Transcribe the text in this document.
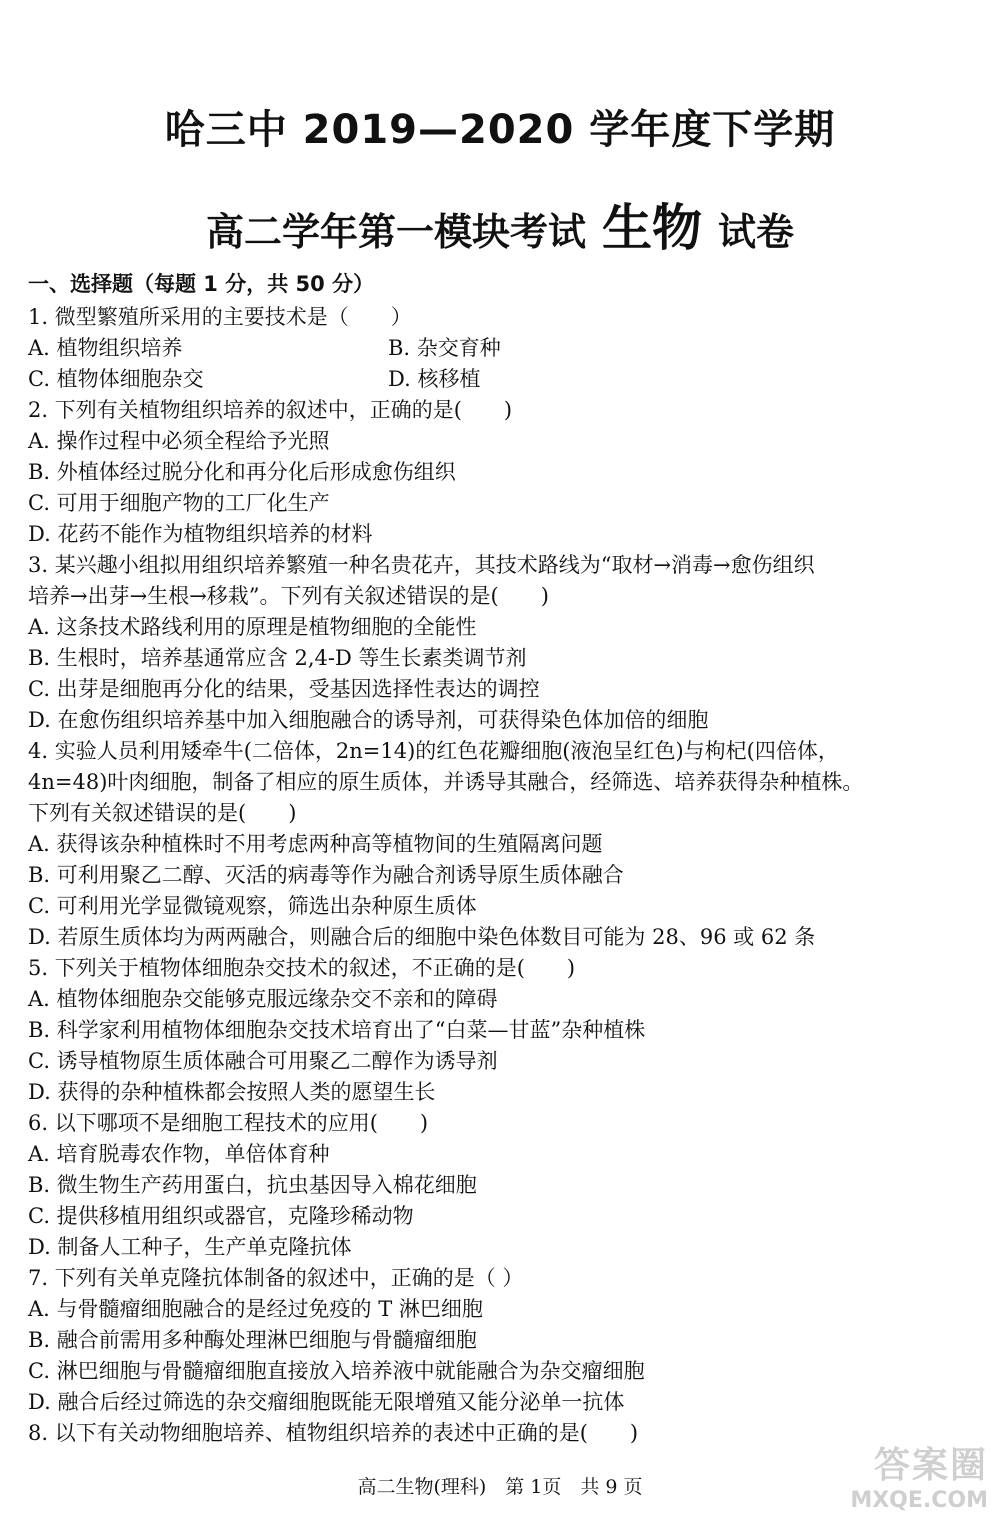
哈三中 2019—2020 学年度下学期
高二学年第一模块考试 生物 试卷
一、选择题（每题 1 分，共 50 分）
1. 微型繁殖所采用的主要技术是（　　）
A. 植物组织培养	B. 杂交育种
C. 植物体细胞杂交	D. 核移植
2. 下列有关植物组织培养的叙述中，正确的是(　　)
A. 操作过程中必须全程给予光照
B. 外植体经过脱分化和再分化后形成愈伤组织
C. 可用于细胞产物的工厂化生产
D. 花药不能作为植物组织培养的材料
3. 某兴趣小组拟用组织培养繁殖一种名贵花卉，其技术路线为“取材→消毒→愈伤组织
培养→出芽→生根→移栽”。下列有关叙述错误的是(　　)
A. 这条技术路线利用的原理是植物细胞的全能性
B. 生根时，培养基通常应含 2,4-D 等生长素类调节剂
C. 出芽是细胞再分化的结果，受基因选择性表达的调控
D. 在愈伤组织培养基中加入细胞融合的诱导剂，可获得染色体加倍的细胞
4. 实验人员利用矮牵牛(二倍体，2n=14)的红色花瓣细胞(液泡呈红色)与枸杞(四倍体，
4n=48)叶肉细胞，制备了相应的原生质体，并诱导其融合，经筛选、培养获得杂种植株。
下列有关叙述错误的是(　　)
A. 获得该杂种植株时不用考虑两种高等植物间的生殖隔离问题
B. 可利用聚乙二醇、灭活的病毒等作为融合剂诱导原生质体融合
C. 可利用光学显微镜观察，筛选出杂种原生质体
D. 若原生质体均为两两融合，则融合后的细胞中染色体数目可能为 28、96 或 62 条
5. 下列关于植物体细胞杂交技术的叙述，不正确的是(　　)
A. 植物体细胞杂交能够克服远缘杂交不亲和的障碍
B. 科学家利用植物体细胞杂交技术培育出了“白菜—甘蓝”杂种植株
C. 诱导植物原生质体融合可用聚乙二醇作为诱导剂
D. 获得的杂种植株都会按照人类的愿望生长
6. 以下哪项不是细胞工程技术的应用(　　)
A. 培育脱毒农作物，单倍体育种
B. 微生物生产药用蛋白，抗虫基因导入棉花细胞
C. 提供移植用组织或器官，克隆珍稀动物
D. 制备人工种子，生产单克隆抗体
7. 下列有关单克隆抗体制备的叙述中，正确的是（ ）
A. 与骨髓瘤细胞融合的是经过免疫的 T 淋巴细胞
B. 融合前需用多种酶处理淋巴细胞与骨髓瘤细胞
C. 淋巴细胞与骨髓瘤细胞直接放入培养液中就能融合为杂交瘤细胞
D. 融合后经过筛选的杂交瘤细胞既能无限增殖又能分泌单一抗体
8. 以下有关动物细胞培养、植物组织培养的表述中正确的是(　　)
高二生物(理科)　第 1页　共 9 页
答案圈
MXQE.COM
